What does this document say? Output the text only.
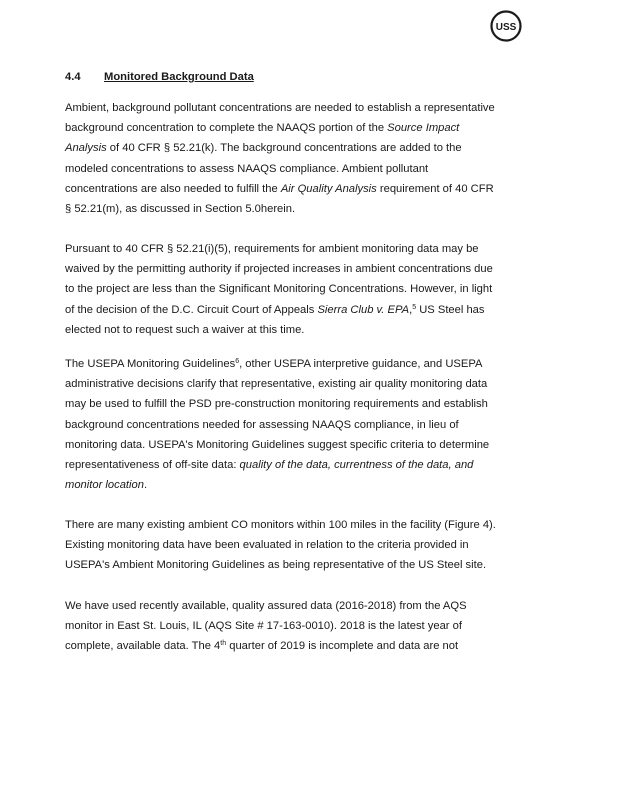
USS
4.4 Monitored Background Data
Ambient, background pollutant concentrations are needed to establish a representative
background concentration to complete the NAAQS portion of the Source Impact
Analysis of 40 CFR § 52.21(k). The background concentrations are added to the
modeled concentrations to assess NAAQS compliance. Ambient pollutant
concentrations are also needed to fulfill the Air Quality Analysis requirement of 40 CFR
§ 52.21(m), as discussed in Section 5.0herein.
Pursuant to 40 CFR § 52.21(i)(5), requirements for ambient monitoring data may be
waived by the permitting authority if projected increases in ambient concentrations due
to the project are less than the Significant Monitoring Concentrations. However, in light
of the decision of the D.C. Circuit Court of Appeals Sierra Club v. EPA,$^5$ US Steel has
elected not to request such a waiver at this time.
The USEPA Monitoring Guidelines$^6$, other USEPA interpretive guidance, and USEPA
administrative decisions clarify that representative, existing air quality monitoring data
may be used to fulfill the PSD pre-construction monitoring requirements and establish
background concentrations needed for assessing NAAQS compliance, in lieu of
monitoring data. USEPA's Monitoring Guidelines suggest specific criteria to determine
representativeness of off-site data: quality of the data, currentness of the data, and
monitor location.
There are many existing ambient CO monitors within 100 miles in the facility (Figure 4).
Existing monitoring data have been evaluated in relation to the criteria provided in
USEPA's Ambient Monitoring Guidelines as being representative of the US Steel site.
We have used recently available, quality assured data (2016-2018) from the AQS
monitor in East St. Louis, IL (AQS Site # 17-163-0010). 2018 is the latest year of
complete, available data. The 4th quarter of 2019 is incomplete and data are not
